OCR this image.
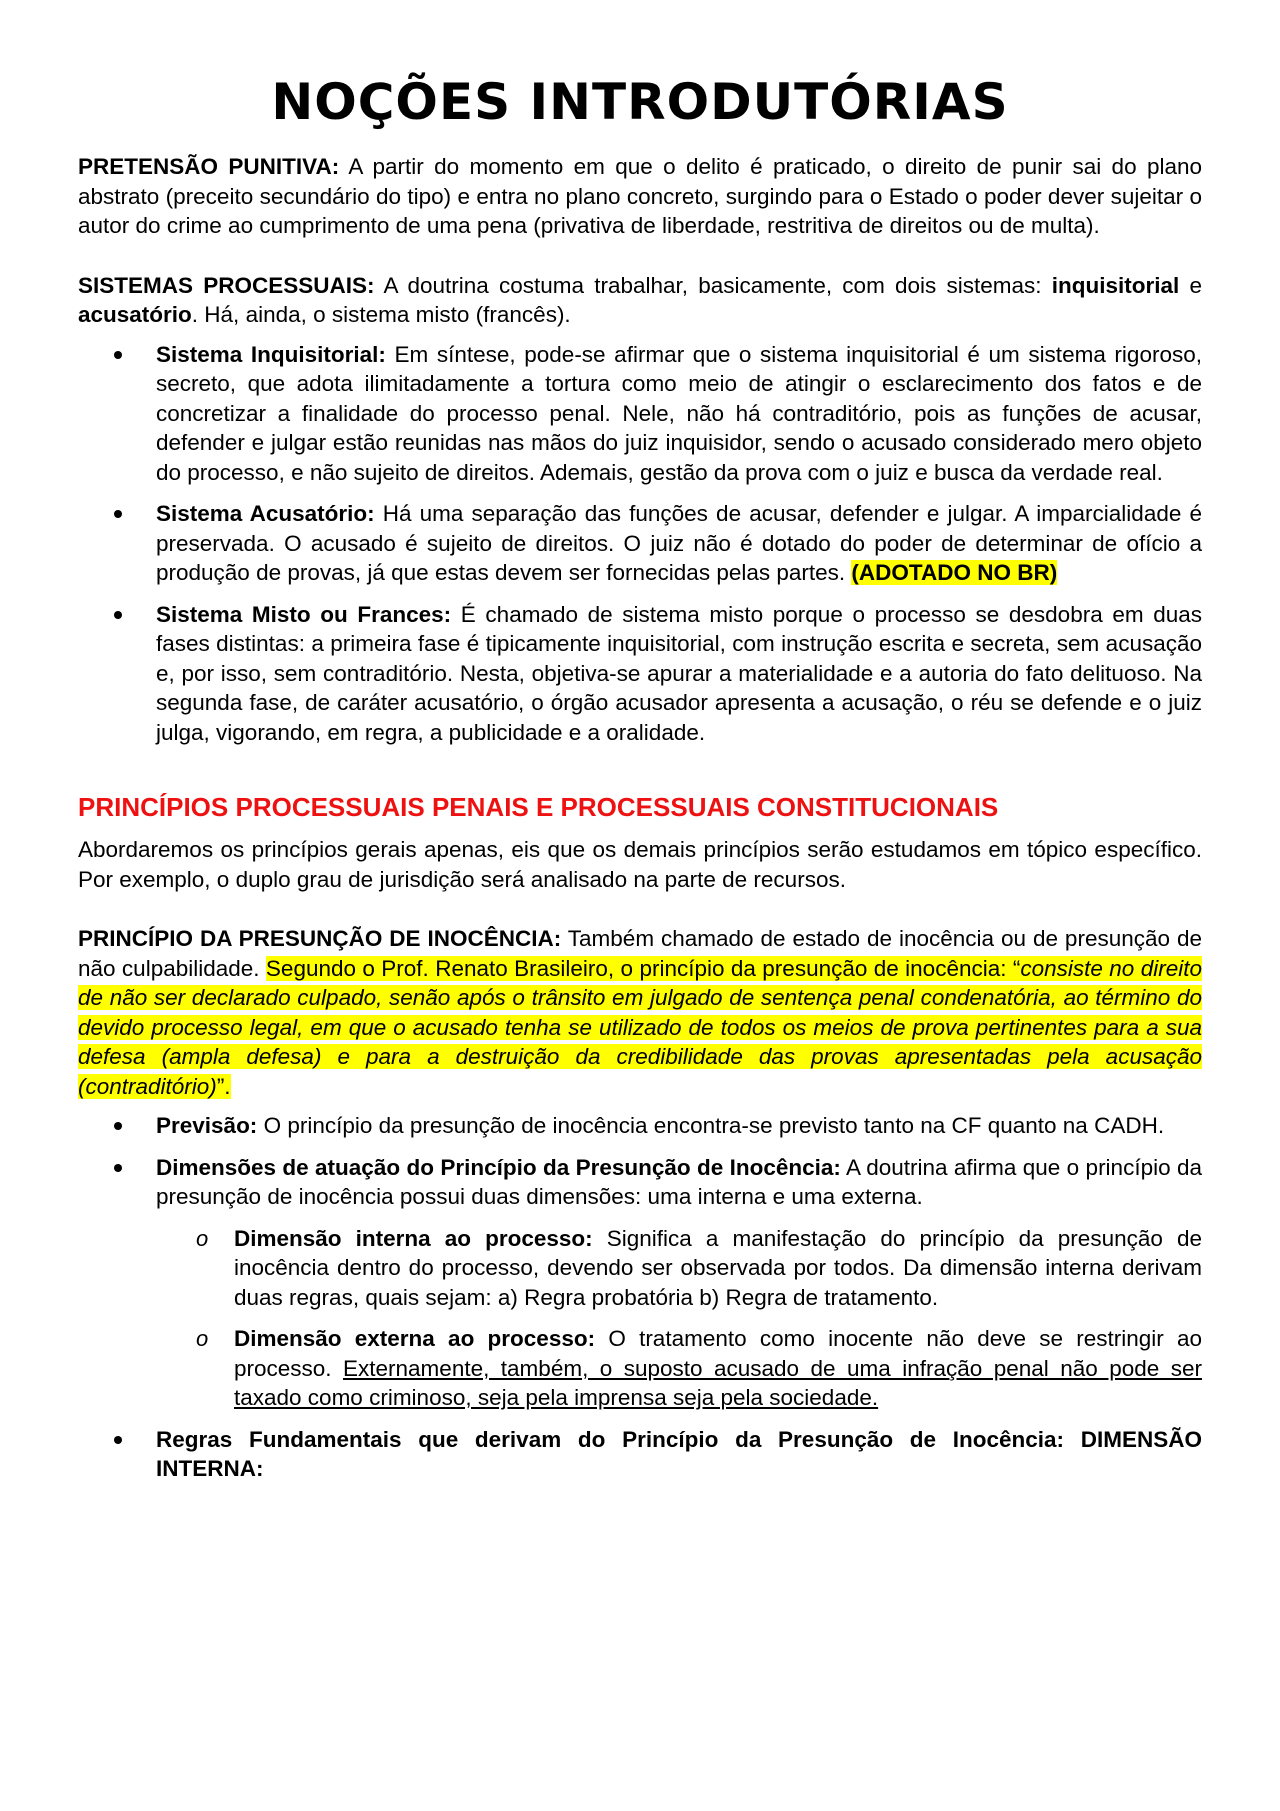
NOÇÕES INTRODUTÓRIAS

PRETENSÃO PUNITIVA: A partir do momento em que o delito é praticado, o direito de punir sai do plano abstrato (preceito secundário do tipo) e entra no plano concreto, surgindo para o Estado o poder dever sujeitar o autor do crime ao cumprimento de uma pena (privativa de liberdade, restritiva de direitos ou de multa).

SISTEMAS PROCESSUAIS: A doutrina costuma trabalhar, basicamente, com dois sistemas: inquisitorial e acusatório. Há, ainda, o sistema misto (francês).

Sistema Inquisitorial: Em síntese, pode-se afirmar que o sistema inquisitorial é um sistema rigoroso, secreto, que adota ilimitadamente a tortura como meio de atingir o esclarecimento dos fatos e de concretizar a finalidade do processo penal. Nele, não há contraditório, pois as funções de acusar, defender e julgar estão reunidas nas mãos do juiz inquisidor, sendo o acusado considerado mero objeto do processo, e não sujeito de direitos. Ademais, gestão da prova com o juiz e busca da verdade real.

Sistema Acusatório: Há uma separação das funções de acusar, defender e julgar. A imparcialidade é preservada. O acusado é sujeito de direitos. O juiz não é dotado do poder de determinar de ofício a produção de provas, já que estas devem ser fornecidas pelas partes. (ADOTADO NO BR)

Sistema Misto ou Frances: É chamado de sistema misto porque o processo se desdobra em duas fases distintas: a primeira fase é tipicamente inquisitorial, com instrução escrita e secreta, sem acusação e, por isso, sem contraditório. Nesta, objetiva-se apurar a materialidade e a autoria do fato delituoso. Na segunda fase, de caráter acusatório, o órgão acusador apresenta a acusação, o réu se defende e o juiz julga, vigorando, em regra, a publicidade e a oralidade.

PRINCÍPIOS PROCESSUAIS PENAIS E PROCESSUAIS CONSTITUCIONAIS

Abordaremos os princípios gerais apenas, eis que os demais princípios serão estudamos em tópico específico. Por exemplo, o duplo grau de jurisdição será analisado na parte de recursos.

PRINCÍPIO DA PRESUNÇÃO DE INOCÊNCIA: Também chamado de estado de inocência ou de presunção de não culpabilidade. Segundo o Prof. Renato Brasileiro, o princípio da presunção de inocência: “consiste no direito de não ser declarado culpado, senão após o trânsito em julgado de sentença penal condenatória, ao término do devido processo legal, em que o acusado tenha se utilizado de todos os meios de prova pertinentes para a sua defesa (ampla defesa) e para a destruição da credibilidade das provas apresentadas pela acusação (contraditório)”.

Previsão: O princípio da presunção de inocência encontra-se previsto tanto na CF quanto na CADH.

Dimensões de atuação do Princípio da Presunção de Inocência: A doutrina afirma que o princípio da presunção de inocência possui duas dimensões: uma interna e uma externa.

o Dimensão interna ao processo: Significa a manifestação do princípio da presunção de inocência dentro do processo, devendo ser observada por todos. Da dimensão interna derivam duas regras, quais sejam: a) Regra probatória b) Regra de tratamento.

o Dimensão externa ao processo: O tratamento como inocente não deve se restringir ao processo. Externamente, também, o suposto acusado de uma infração penal não pode ser taxado como criminoso, seja pela imprensa seja pela sociedade.

Regras Fundamentais que derivam do Princípio da Presunção de Inocência: DIMENSÃO INTERNA:
